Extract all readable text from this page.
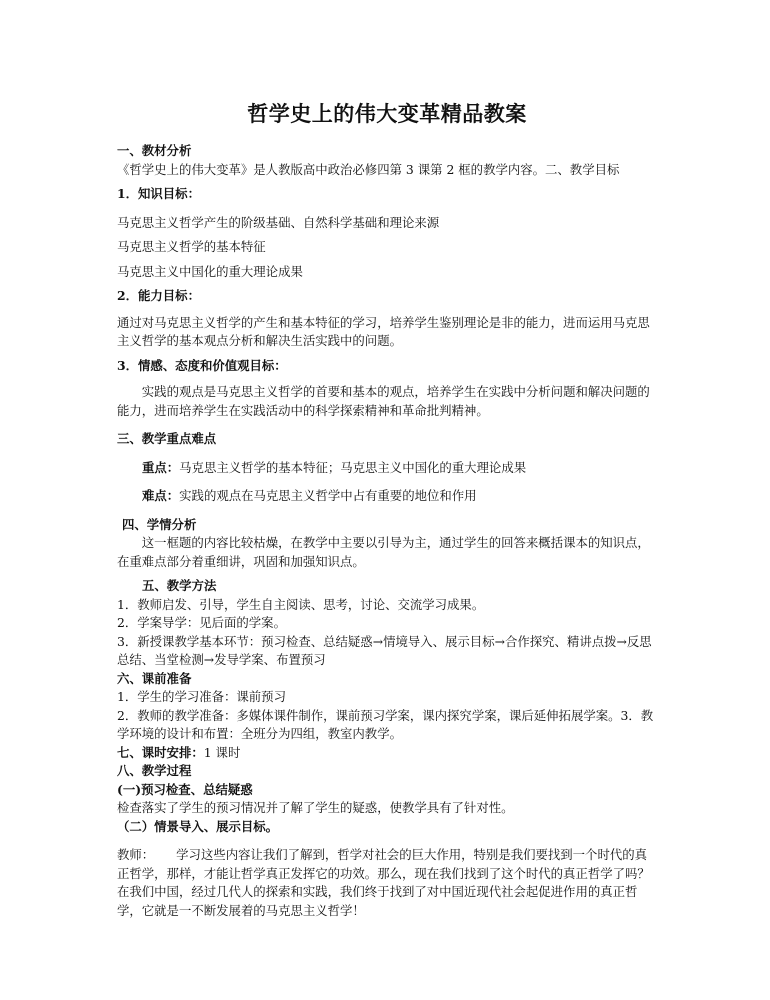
哲学史上的伟大变革精品教案

一、教材分析

《哲学史上的伟大变革》是人教版高中政治必修四第 3 课第 2 框的教学内容。二、教学目标

1．知识目标：

马克思主义哲学产生的阶级基础、自然科学基础和理论来源

马克思主义哲学的基本特征

马克思主义中国化的重大理论成果

2．能力目标：

通过对马克思主义哲学的产生和基本特征的学习，培养学生鉴别理论是非的能力，进而运用马克思主义哲学的基本观点分析和解决生活实践中的问题。

3．情感、态度和价值观目标：

实践的观点是马克思主义哲学的首要和基本的观点，培养学生在实践中分析问题和解决问题的能力，进而培养学生在实践活动中的科学探索精神和革命批判精神。

三、教学重点难点

重点：马克思主义哲学的基本特征；马克思主义中国化的重大理论成果

难点：实践的观点在马克思主义哲学中占有重要的地位和作用

四、学情分析

这一框题的内容比较枯燥，在教学中主要以引导为主，通过学生的回答来概括课本的知识点，在重难点部分着重细讲，巩固和加强知识点。

五、教学方法

1．教师启发、引导，学生自主阅读、思考，讨论、交流学习成果。

2．学案导学：见后面的学案。

3．新授课教学基本环节：预习检查、总结疑惑→情境导入、展示目标→合作探究、精讲点拨→反思总结、当堂检测→发导学案、布置预习

六、课前准备

1．学生的学习准备：课前预习

2．教师的教学准备：多媒体课件制作，课前预习学案，课内探究学案，课后延伸拓展学案。3．教学环境的设计和布置：全班分为四组，教室内教学。

七、课时安排：1 课时

八、教学过程

(一)预习检查、总结疑惑

检查落实了学生的预习情况并了解了学生的疑惑，使教学具有了针对性。

（二）情景导入、展示目标。

教师： 学习这些内容让我们了解到，哲学对社会的巨大作用，特别是我们要找到一个时代的真正哲学，那样，才能让哲学真正发挥它的功效。那么，现在我们找到了这个时代的真正哲学了吗？在我们中国，经过几代人的探索和实践，我们终于找到了对中国近现代社会起促进作用的真正哲学，它就是一不断发展着的马克思主义哲学！
